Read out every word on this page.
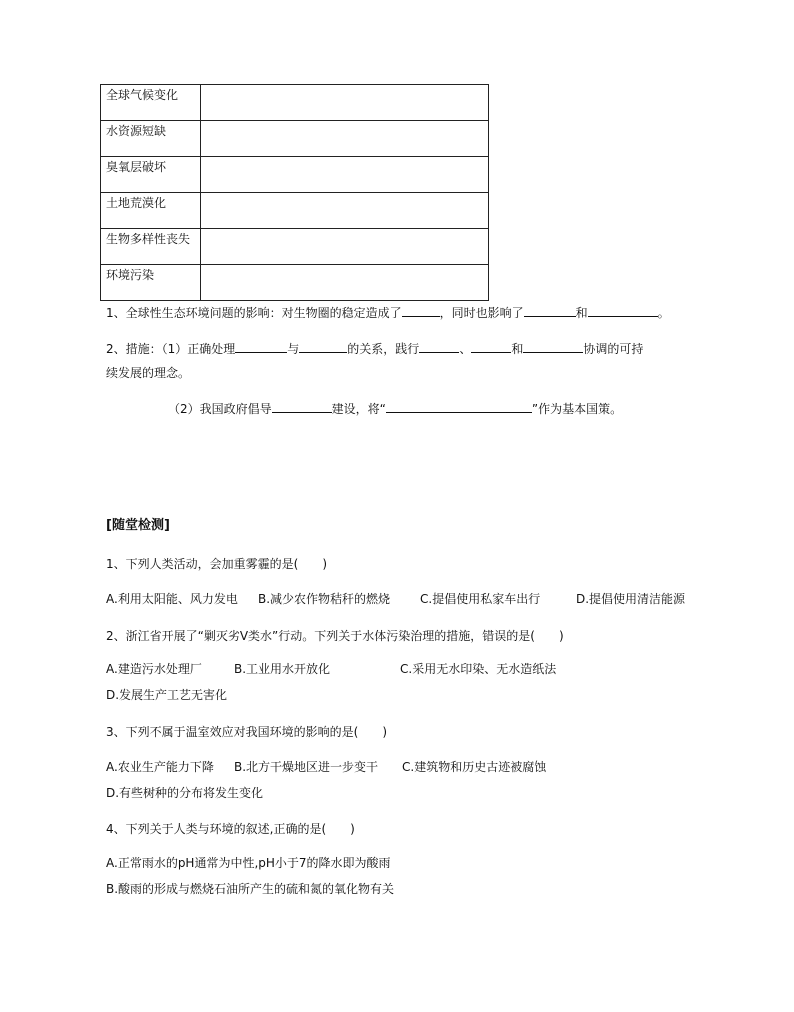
全球气候变化	
水资源短缺	
臭氧层破坏	
土地荒漠化	
生物多样性丧失	
环境污染	
1、全球性生态环境问题的影响：对生物圈的稳定造成了	，同时也影响了	和	。
2、措施：（1）正确处理	与	的关系，践行	、	和	协调的可持
续发展的理念。
（2）我国政府倡导	建设，将“	”作为基本国策。
[随堂检测]
1、下列人类活动，会加重雾霾的是(　　)
A.利用太阳能、风力发电 B.减少农作物秸秆的燃烧 C.提倡使用私家车出行	D.提倡使用清洁能源
2、浙江省开展了“剿灭劣Ⅴ类水”行动。下列关于水体污染治理的措施，错误的是(　　)
A.建造污水处理厂	B.工业用水开放化	C.采用无水印染、无水造纸法D.发展生产工艺无害化
3、下列不属于温室效应对我国环境的影响的是(　　)
A.农业生产能力下降 B.北方干燥地区进一步变干 C.建筑物和历史古迹被腐蚀D.有些树种的分布将发生变化
4、下列关于人类与环境的叙述,正确的是(　　)
A.正常雨水的pH通常为中性,pH小于7的降水即为酸雨B.酸雨的形成与燃烧石油所产生的硫和氮的氧化物有关
